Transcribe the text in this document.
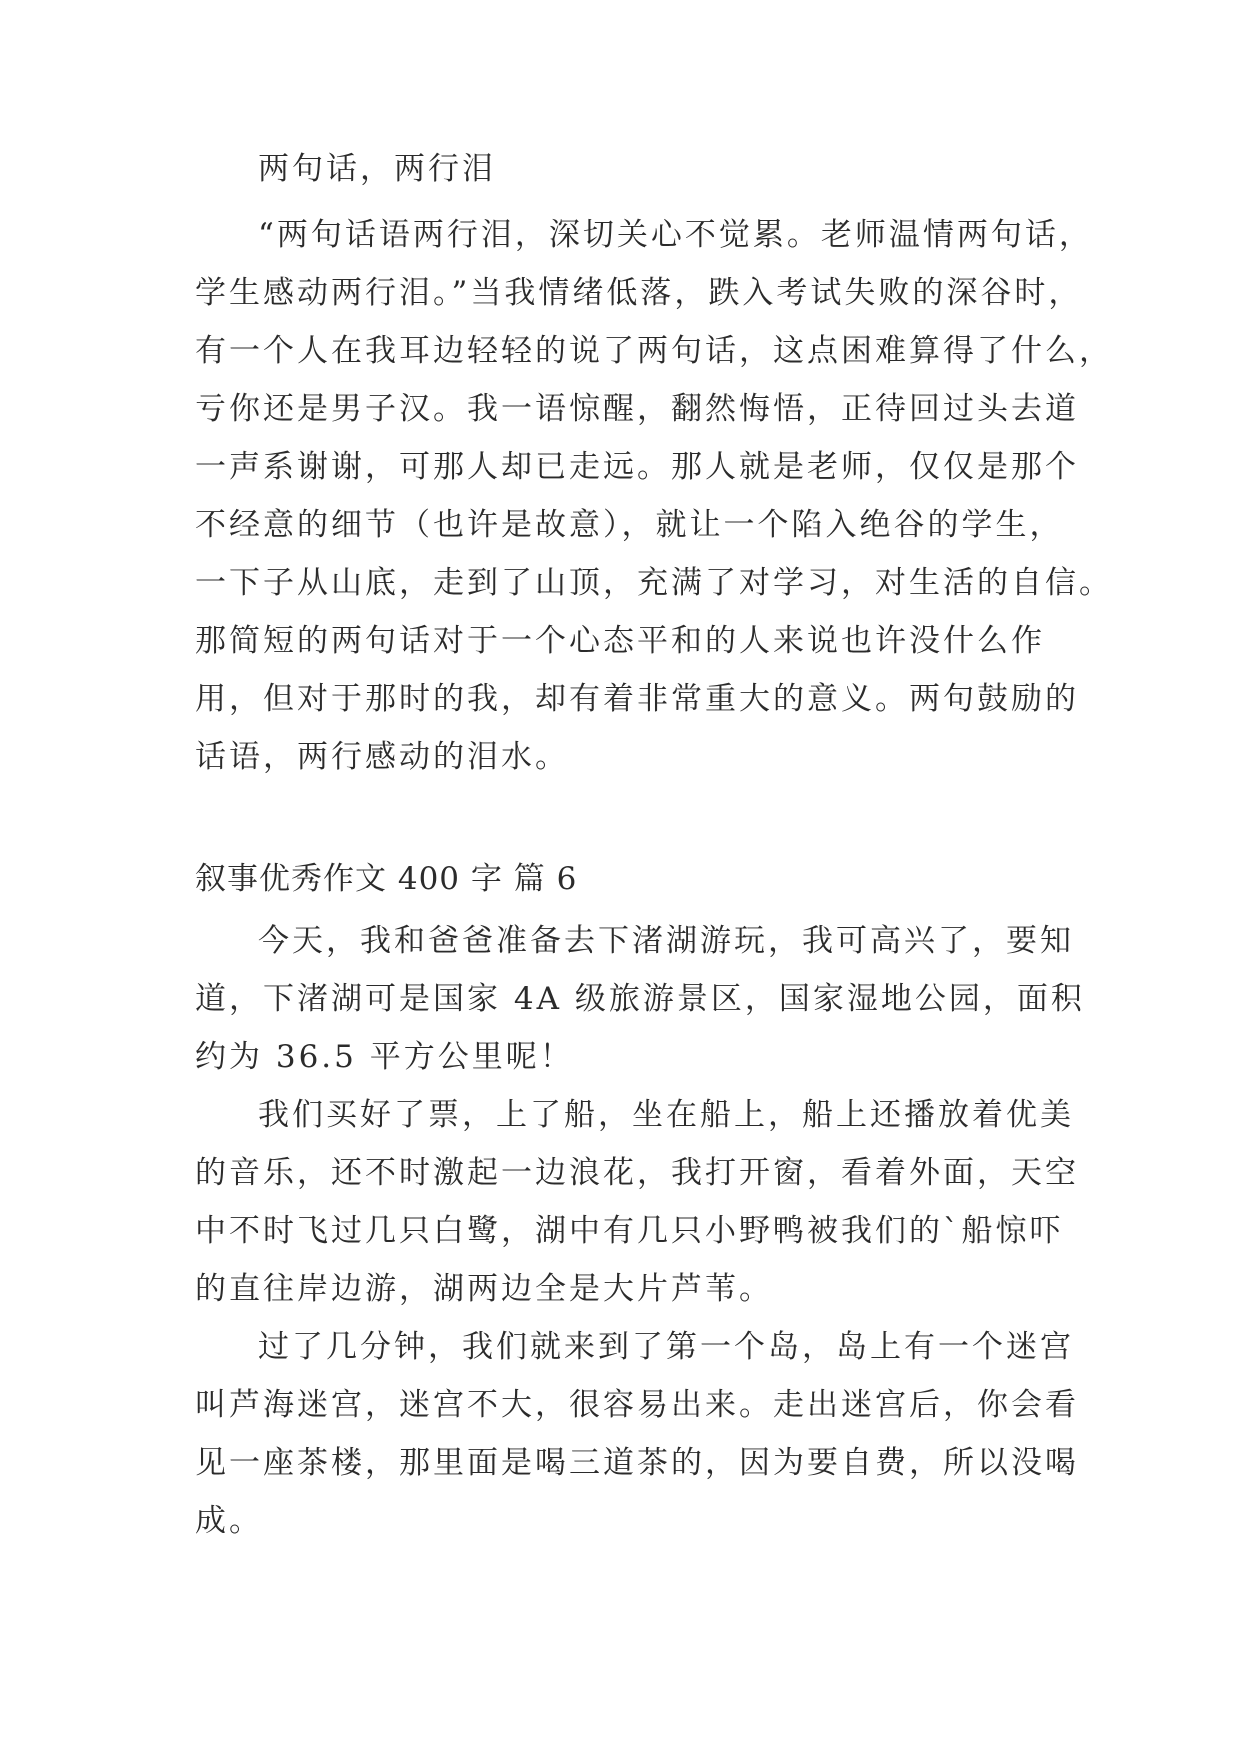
两句话，两行泪

“两句话语两行泪，深切关心不觉累。老师温情两句话，

学生感动两行泪。”当我情绪低落，跌入考试失败的深谷时，

有一个人在我耳边轻轻的说了两句话，这点困难算得了什么，

亏你还是男子汉。我一语惊醒，翻然悔悟，正待回过头去道

一声系谢谢，可那人却已走远。那人就是老师，仅仅是那个

不经意的细节（也许是故意），就让一个陷入绝谷的学生，

一下子从山底，走到了山顶，充满了对学习，对生活的自信。

那简短的两句话对于一个心态平和的人来说也许没什么作

用，但对于那时的我，却有着非常重大的意义。两句鼓励的

话语，两行感动的泪水。

叙事优秀作文 400 字 篇 6

今天，我和爸爸准备去下渚湖游玩，我可高兴了，要知

道，下渚湖可是国家 4A 级旅游景区，国家湿地公园，面积

约为 36.5 平方公里呢！

我们买好了票，上了船，坐在船上，船上还播放着优美

的音乐，还不时激起一边浪花，我打开窗，看着外面，天空

中不时飞过几只白鹭，湖中有几只小野鸭被我们的`船惊吓

的直往岸边游，湖两边全是大片芦苇。

过了几分钟，我们就来到了第一个岛，岛上有一个迷宫

叫芦海迷宫，迷宫不大，很容易出来。走出迷宫后，你会看

见一座茶楼，那里面是喝三道茶的，因为要自费，所以没喝

成。
